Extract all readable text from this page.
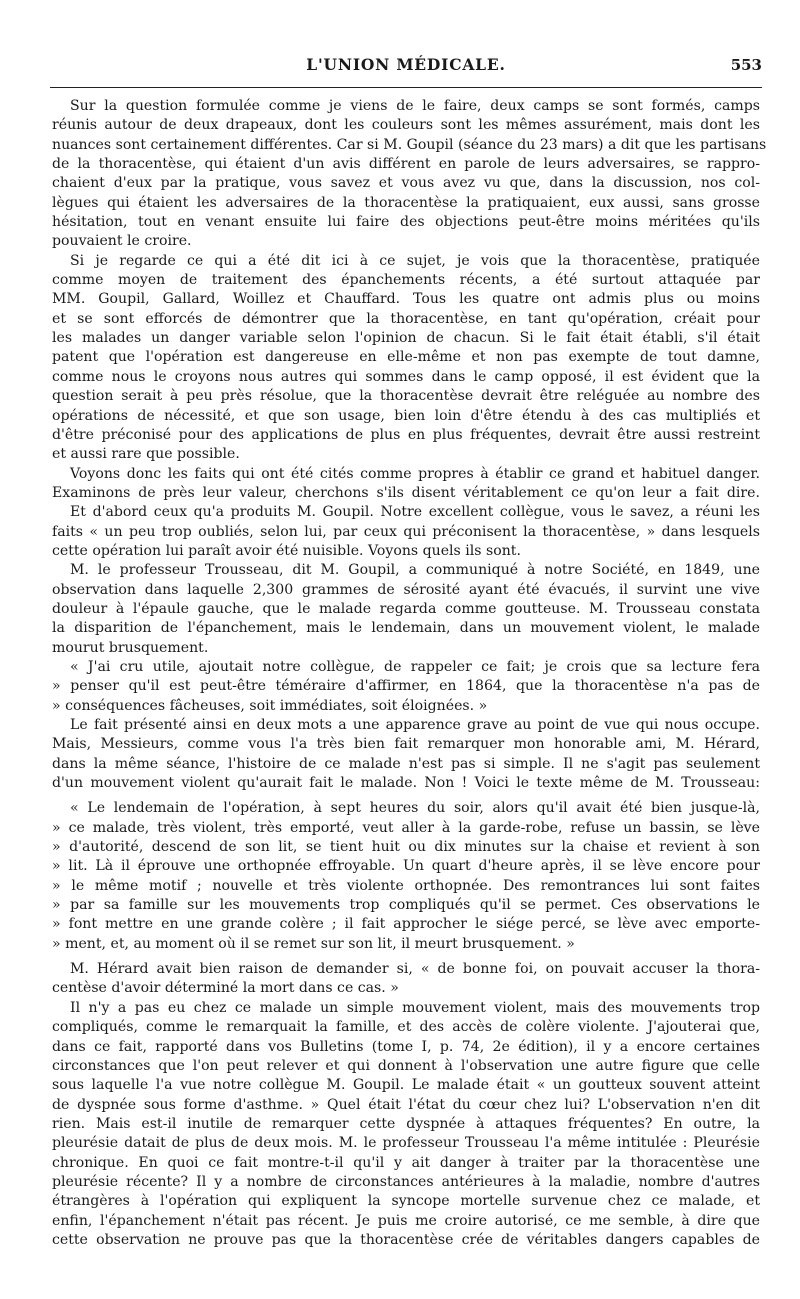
L'UNION MÉDICALE.	553
Sur la question formulée comme je viens de le faire, deux camps se sont formés, camps
réunis autour de deux drapeaux, dont les couleurs sont les mêmes assurément, mais dont les
nuances sont certainement différentes. Car si M. Goupil (séance du 23 mars) a dit que les partisans
de la thoracentèse, qui étaient d'un avis différent en parole de leurs adversaires, se rappro-
chaient d'eux par la pratique, vous savez et vous avez vu que, dans la discussion, nos col-
lègues qui étaient les adversaires de la thoracentèse la pratiquaient, eux aussi, sans grosse
hésitation, tout en venant ensuite lui faire des objections peut-être moins méritées qu'ils
pouvaient le croire.
Si je regarde ce qui a été dit ici à ce sujet, je vois que la thoracentèse, pratiquée
comme moyen de traitement des épanchements récents, a été surtout attaquée par
MM. Goupil, Gallard, Woillez et Chauffard. Tous les quatre ont admis plus ou moins
et se sont efforcés de démontrer que la thoracentèse, en tant qu'opération, créait pour
les malades un danger variable selon l'opinion de chacun. Si le fait était établi, s'il était
patent que l'opération est dangereuse en elle-même et non pas exempte de tout damne,
comme nous le croyons nous autres qui sommes dans le camp opposé, il est évident que la
question serait à peu près résolue, que la thoracentèse devrait être reléguée au nombre des
opérations de nécessité, et que son usage, bien loin d'être étendu à des cas multipliés et
d'être préconisé pour des applications de plus en plus fréquentes, devrait être aussi restreint
et aussi rare que possible.
Voyons donc les faits qui ont été cités comme propres à établir ce grand et habituel danger.
Examinons de près leur valeur, cherchons s'ils disent véritablement ce qu'on leur a fait dire.
Et d'abord ceux qu'a produits M. Goupil. Notre excellent collègue, vous le savez, a réuni les
faits « un peu trop oubliés, selon lui, par ceux qui préconisent la thoracentèse, » dans lesquels
cette opération lui paraît avoir été nuisible. Voyons quels ils sont.
M. le professeur Trousseau, dit M. Goupil, a communiqué à notre Société, en 1849, une
observation dans laquelle 2,300 grammes de sérosité ayant été évacués, il survint une vive
douleur à l'épaule gauche, que le malade regarda comme goutteuse. M. Trousseau constata
la disparition de l'épanchement, mais le lendemain, dans un mouvement violent, le malade
mourut brusquement.
« J'ai cru utile, ajoutait notre collègue, de rappeler ce fait; je crois que sa lecture fera
» penser qu'il est peut-être téméraire d'affirmer, en 1864, que la thoracentèse n'a pas de
» conséquences fâcheuses, soit immédiates, soit éloignées. »
Le fait présenté ainsi en deux mots a une apparence grave au point de vue qui nous occupe.
Mais, Messieurs, comme vous l'a très bien fait remarquer mon honorable ami, M. Hérard,
dans la même séance, l'histoire de ce malade n'est pas si simple. Il ne s'agit pas seulement
d'un mouvement violent qu'aurait fait le malade. Non ! Voici le texte même de M. Trousseau:
« Le lendemain de l'opération, à sept heures du soir, alors qu'il avait été bien jusque-là,
» ce malade, très violent, très emporté, veut aller à la garde-robe, refuse un bassin, se lève
» d'autorité, descend de son lit, se tient huit ou dix minutes sur la chaise et revient à son
» lit. Là il éprouve une orthopnée effroyable. Un quart d'heure après, il se lève encore pour
» le même motif ; nouvelle et très violente orthopnée. Des remontrances lui sont faites
» par sa famille sur les mouvements trop compliqués qu'il se permet. Ces observations le
» font mettre en une grande colère ; il fait approcher le siége percé, se lève avec emporte-
» ment, et, au moment où il se remet sur son lit, il meurt brusquement. »
M. Hérard avait bien raison de demander si, « de bonne foi, on pouvait accuser la thora-
centèse d'avoir déterminé la mort dans ce cas. »
Il n'y a pas eu chez ce malade un simple mouvement violent, mais des mouvements trop
compliqués, comme le remarquait la famille, et des accès de colère violente. J'ajouterai que,
dans ce fait, rapporté dans vos Bulletins (tome I, p. 74, 2e édition), il y a encore certaines
circonstances que l'on peut relever et qui donnent à l'observation une autre figure que celle
sous laquelle l'a vue notre collègue M. Goupil. Le malade était « un goutteux souvent atteint
de dyspnée sous forme d'asthme. » Quel était l'état du cœur chez lui? L'observation n'en dit
rien. Mais est-il inutile de remarquer cette dyspnée à attaques fréquentes? En outre, la
pleurésie datait de plus de deux mois. M. le professeur Trousseau l'a même intitulée : Pleurésie
chronique. En quoi ce fait montre-t-il qu'il y ait danger à traiter par la thoracentèse une
pleurésie récente? Il y a nombre de circonstances antérieures à la maladie, nombre d'autres
étrangères à l'opération qui expliquent la syncope mortelle survenue chez ce malade, et
enfin, l'épanchement n'était pas récent. Je puis me croire autorisé, ce me semble, à dire que
cette observation ne prouve pas que la thoracentèse crée de véritables dangers capables de
